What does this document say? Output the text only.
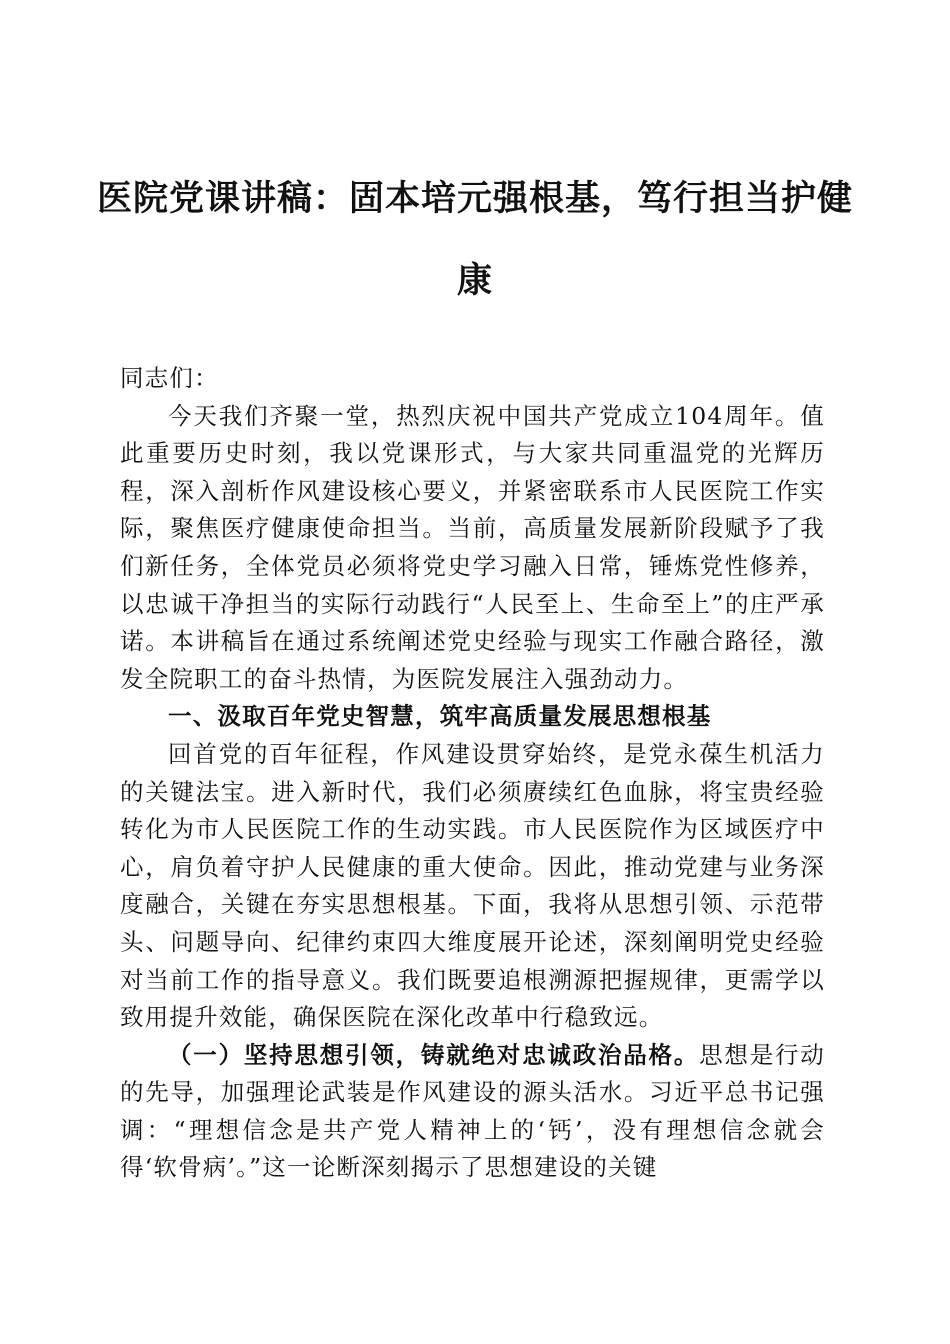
医院党课讲稿：固本培元强根基，笃行担当护健康

同志们：

今天我们齐聚一堂，热烈庆祝中国共产党成立104周年。值此重要历史时刻，我以党课形式，与大家共同重温党的光辉历程，深入剖析作风建设核心要义，并紧密联系市人民医院工作实际，聚焦医疗健康使命担当。当前，高质量发展新阶段赋予了我们新任务，全体党员必须将党史学习融入日常，锤炼党性修养，以忠诚干净担当的实际行动践行“人民至上、生命至上”的庄严承诺。本讲稿旨在通过系统阐述党史经验与现实工作融合路径，激发全院职工的奋斗热情，为医院发展注入强劲动力。

一、汲取百年党史智慧，筑牢高质量发展思想根基

回首党的百年征程，作风建设贯穿始终，是党永葆生机活力的关键法宝。进入新时代，我们必须赓续红色血脉，将宝贵经验转化为市人民医院工作的生动实践。市人民医院作为区域医疗中心，肩负着守护人民健康的重大使命。因此，推动党建与业务深度融合，关键在夯实思想根基。下面，我将从思想引领、示范带头、问题导向、纪律约束四大维度展开论述，深刻阐明党史经验对当前工作的指导意义。我们既要追根溯源把握规律，更需学以致用提升效能，确保医院在深化改革中行稳致远。

（一）坚持思想引领，铸就绝对忠诚政治品格。思想是行动的先导，加强理论武装是作风建设的源头活水。习近平总书记强调：“理想信念是共产党人精神上的‘钙’，没有理想信念就会得‘软骨病’。”这一论断深刻揭示了思想建设的关键
